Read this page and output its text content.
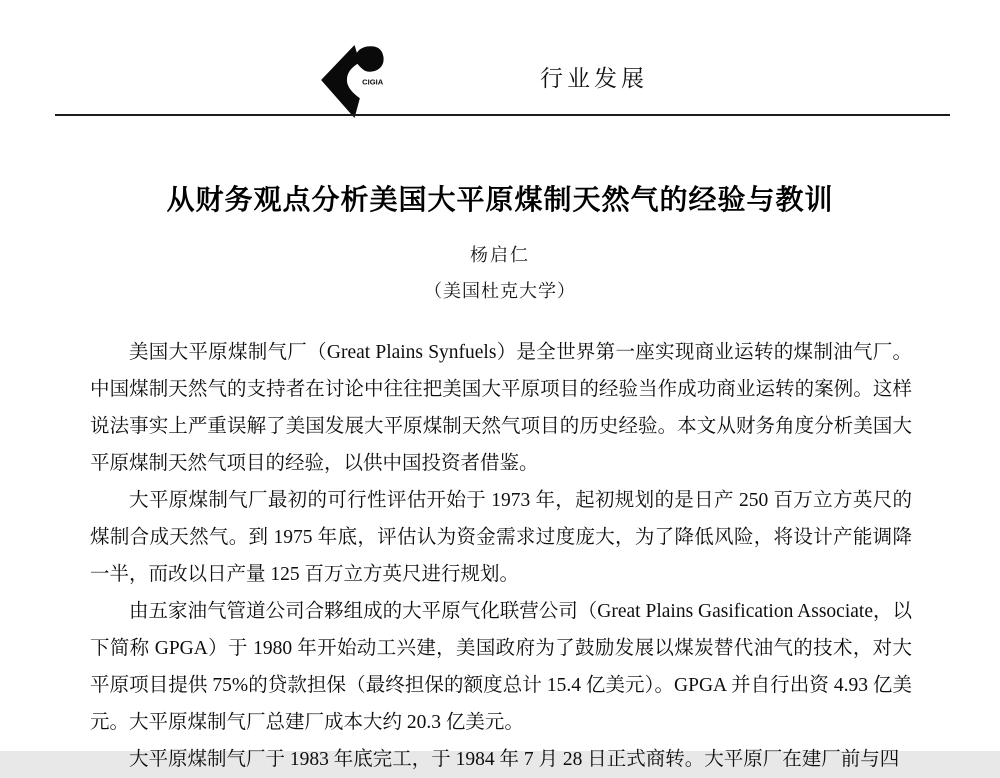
CIGIA	行业发展
从财务观点分析美国大平原煤制天然气的经验与教训

杨启仁

（美国杜克大学）

美国大平原煤制气厂（Great Plains Synfuels）是全世界第一座实现商业运转的煤制油气厂。中国煤制天然气的支持者在讨论中往往把美国大平原项目的经验当作成功商业运转的案例。这样说法事实上严重误解了美国发展大平原煤制天然气项目的历史经验。本文从财务角度分析美国大平原煤制天然气项目的经验，以供中国投资者借鉴。

大平原煤制气厂最初的可行性评估开始于 1973 年，起初规划的是日产 250 百万立方英尺的煤制合成天然气。到 1975 年底，评估认为资金需求过度庞大，为了降低风险，将设计产能调降一半，而改以日产量 125 百万立方英尺进行规划。

由五家油气管道公司合夥组成的大平原气化联营公司（Great Plains Gasification Associate，以下简称 GPGA）于 1980 年开始动工兴建，美国政府为了鼓励发展以煤炭替代油气的技术，对大平原项目提供 75%的贷款担保（最终担保的额度总计 15.4 亿美元）。GPGA 并自行出资 4.93 亿美元。大平原煤制气厂总建厂成本大约 20.3 亿美元。

大平原煤制气厂于 1983 年底完工，于 1984 年 7 月 28 日正式商转。大平原厂在建厂前与四
